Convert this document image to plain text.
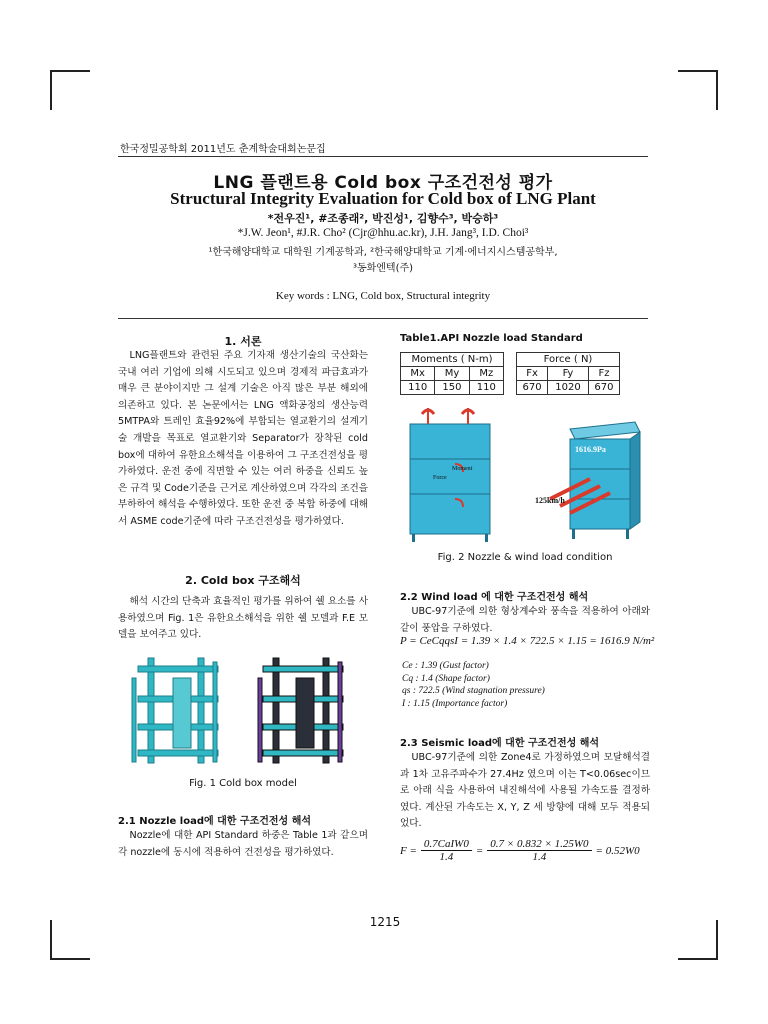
한국정밀공학회 2011년도 춘계학술대회논문집
LNG 플랜트용 Cold box 구조건전성 평가
Structural Integrity Evaluation for Cold box of LNG Plant
*전우진¹, #조종래², 박진성¹, 김향수³, 박승하³
*J.W. Jeon¹, #J.R. Cho² (Cjr@hhu.ac.kr), J.H. Jang³, I.D. Choi³
¹한국해양대학교 대학원 기계공학과, ²한국해양대학교 기계·에너지시스템공학부,
³동화엔텍(주)
Key words : LNG, Cold box, Structural integrity
1. 서론
LNG플랜트와 관련된 주요 기자재 생산기술의 국산화는 국내 여러 기업에 의해 시도되고 있으며 경제적 파급효과가 매우 큰 분야이지만 그 설계 기술은 아직 많은 부분 해외에 의존하고 있다. 본 논문에서는 LNG 액화공정의 생산능력 5MTPA와 트레인 효율92%에 부합되는 열교환기의 설계기술 개발을 목표로 열교환기와 Separator가 장착된 cold box에 대하여 유한요소해석을 이용하여 그 구조건전성을 평가하였다. 운전 중에 직면할 수 있는 여러 하중을 신뢰도 높은 규격 및 Code기준을 근거로 계산하였으며 각각의 조건을 부하하여 해석을 수행하였다. 또한 운전 중 복합 하중에 대해서 ASME code기준에 따라 구조건전성을 평가하였다.
2. Cold box 구조해석
해석 시간의 단축과 효율적인 평가를 위하여 쉘 요소를 사용하였으며 Fig. 1은 유한요소해석을 위한 쉘 모델과 F.E 모델을 보여주고 있다.
Fig. 1 Cold box model
2.1 Nozzle load에 대한 구조건전성 해석
Nozzle에 대한 API Standard 하중은 Table 1과 같으며 각 nozzle에 동시에 적용하여 건전성을 평가하였다.
Table1.API Nozzle load Standard
Moments ( N-m)		
Mx	My	Mz
110	150	110
Force ( N)		
Fx	Fy	Fz
670	1020	670
Moment
Force
1616.9Pa
125km/h
Fig. 2 Nozzle & wind load condition
2.2 Wind load 에 대한 구조건전성 해석
UBC-97기준에 의한 형상계수와 풍속을 적용하여 아래와 같이 풍압을 구하였다.
P = CeCqqsI = 1.39 × 1.4 × 722.5 × 1.15 = 1616.9 N/m²
Ce : 1.39 (Gust factor)
Cq : 1.4 (Shape factor)
qs : 722.5 (Wind stagnation pressure)
I : 1.15 (Importance factor)
2.3 Seismic load에 대한 구조건전성 해석
UBC-97기준에 의한 Zone4로 가정하였으며 모달해석결과 1차 고유주파수가 27.4Hz 였으며 이는 T<0.06sec이므로 아래 식을 사용하여 내진해석에 사용될 가속도를 결정하였다. 계산된 가속도는 X, Y, Z 세 방향에 대해 모두 적용되었다.
$F = \frac{\text{0.7CaIW0}}{1.4} = \frac{0.7 \times 0.832 \times 1.25W0}{1.4} = 0.52W0$
1215
